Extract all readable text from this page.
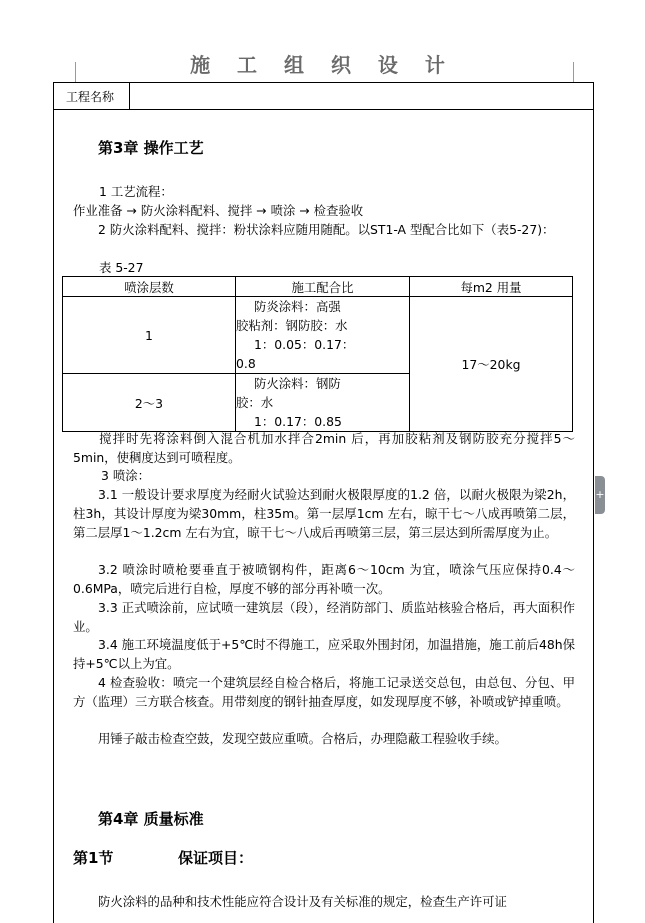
施 工 组 织 设 计
工程名称
第3章 操作工艺
1 工艺流程：
作业准备 → 防火涂料配料、搅拌 → 喷涂 → 检查验收
2 防火涂料配料、搅拌：粉状涂料应随用随配。以ST1-A 型配合比如下（表5-27)：
表 5-27
喷涂层数	施工配合比	每m2 用量
1	防炎涂料：高强
胶粘剂：钢防胶：水
1：0.05：0.17：
0.8	17～20kg
2～3	防火涂料：钢防
胶：水
1：0.17：0.85	
搅拌时先将涂料倒入混合机加水拌合2min 后，再加胶粘剂及钢防胶充分搅拌5～5min，使稠度达到可喷程度。
3 喷涂：
3.1 一般设计要求厚度为经耐火试验达到耐火极限厚度的1.2 倍，以耐火极限为梁2h，柱3h，其设计厚度为梁30mm，柱35m。第一层厚1cm 左右，晾干七～八成再喷第二层，第二层厚1～1.2cm 左右为宜，晾干七～八成后再喷第三层，第三层达到所需厚度为止。
3.2 喷涂时喷枪要垂直于被喷钢构件，距离6～10cm 为宜，喷涂气压应保持0.4～0.6MPa，喷完后进行自检，厚度不够的部分再补喷一次。
3.3 正式喷涂前，应试喷一建筑层（段），经消防部门、质监站核验合格后，再大面积作业。
3.4 施工环境温度低于+5℃时不得施工，应采取外围封闭，加温措施，施工前后48h保持+5℃以上为宜。
4 检查验收：喷完一个建筑层经自检合格后，将施工记录送交总包，由总包、分包、甲方（监理）三方联合核查。用带刻度的钢针抽查厚度，如发现厚度不够，补喷或铲掉重喷。
用锤子敲击检查空鼓，发现空鼓应重喷。合格后，办理隐蔽工程验收手续。
第4章 质量标准
第1节	保证项目：
防火涂料的品种和技术性能应符合设计及有关标准的规定，检查生产许可证
+
